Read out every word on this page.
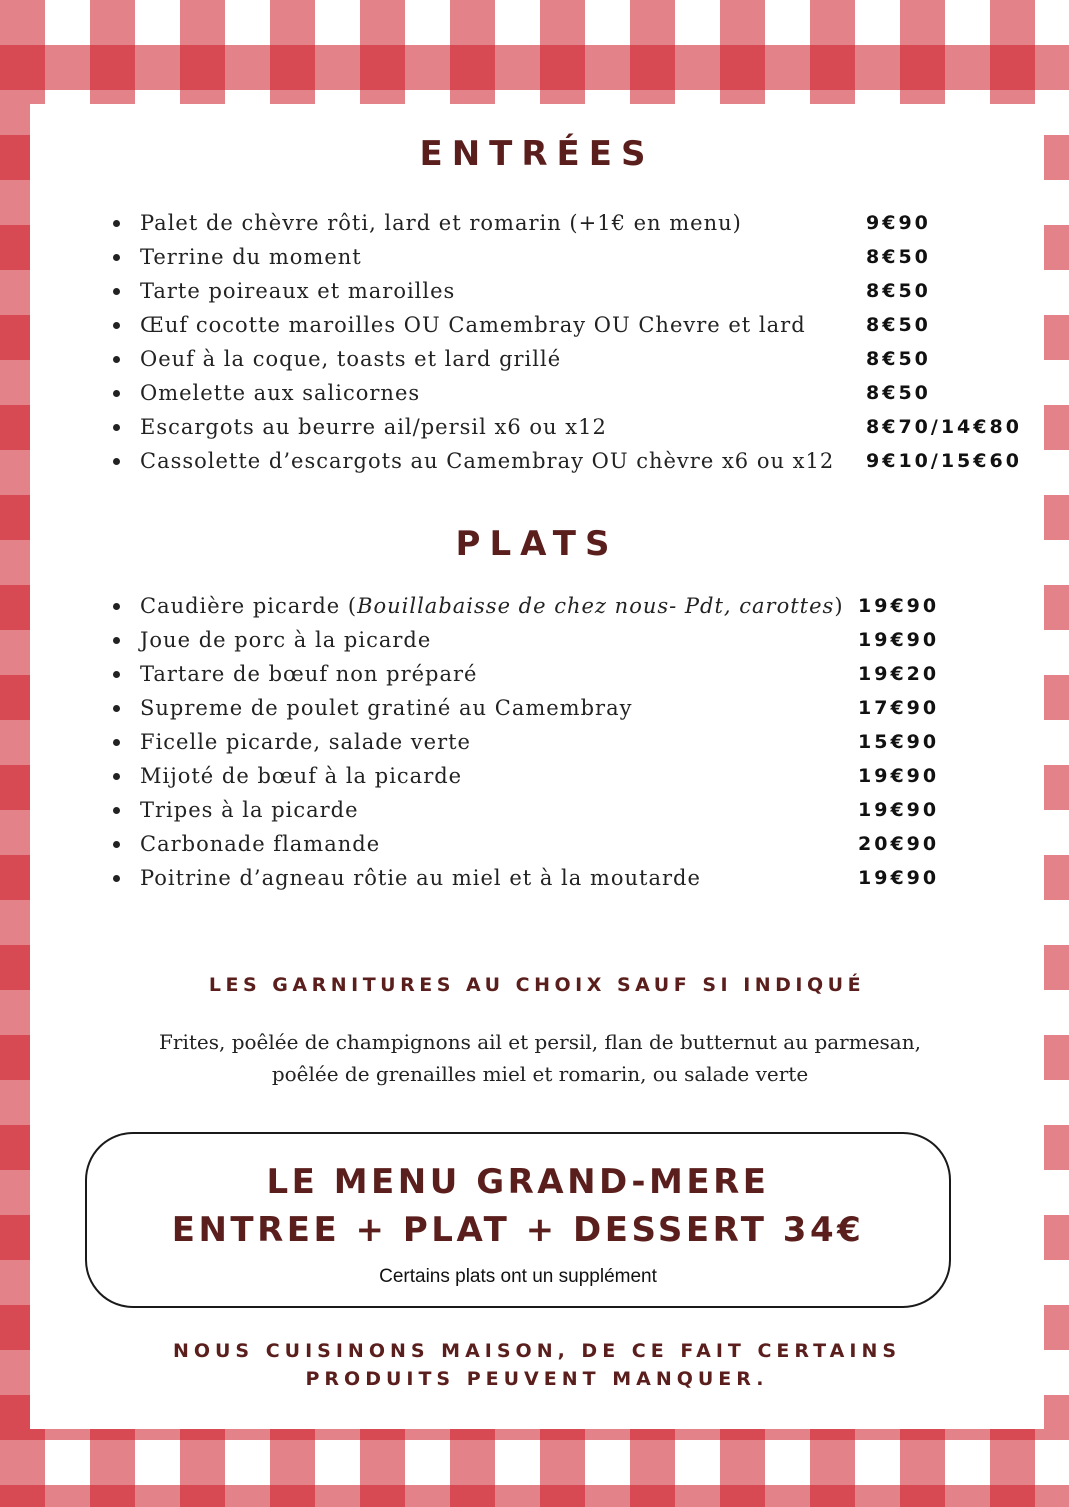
ENTRÉES
Palet de chèvre rôti, lard et romarin (+1€ en menu)	9€90
Terrine du moment	8€50
Tarte poireaux et maroilles	8€50
Œuf cocotte maroilles OU Camembray OU Chevre et lard	8€50
Oeuf à la coque, toasts et lard grillé	8€50
Omelette aux salicornes	8€50
Escargots au beurre ail/persil x6 ou x12	8€70/14€80
Cassolette d’escargots au Camembray OU chèvre x6 ou x12 9€10/15€60
PLATS
Caudière picarde (Bouillabaisse de chez nous- Pdt, carottes) 19€90
Joue de porc à la picarde	19€90
Tartare de bœuf non préparé	19€20
Supreme de poulet gratiné au Camembray	17€90
Ficelle picarde, salade verte	15€90
Mijoté de bœuf à la picarde	19€90
Tripes à la picarde	19€90
Carbonade flamande	20€90
Poitrine d’agneau rôtie au miel et à la moutarde	19€90
LES GARNITURES AU CHOIX SAUF SI INDIQUÉ
Frites, poêlée de champignons ail et persil, flan de butternut au parmesan,
poêlée de grenailles miel et romarin, ou salade verte
LE MENU GRAND-MERE
ENTREE + PLAT + DESSERT 34€
Certains plats ont un supplément
NOUS CUISINONS MAISON, DE CE FAIT CERTAINS
PRODUITS PEUVENT MANQUER.
